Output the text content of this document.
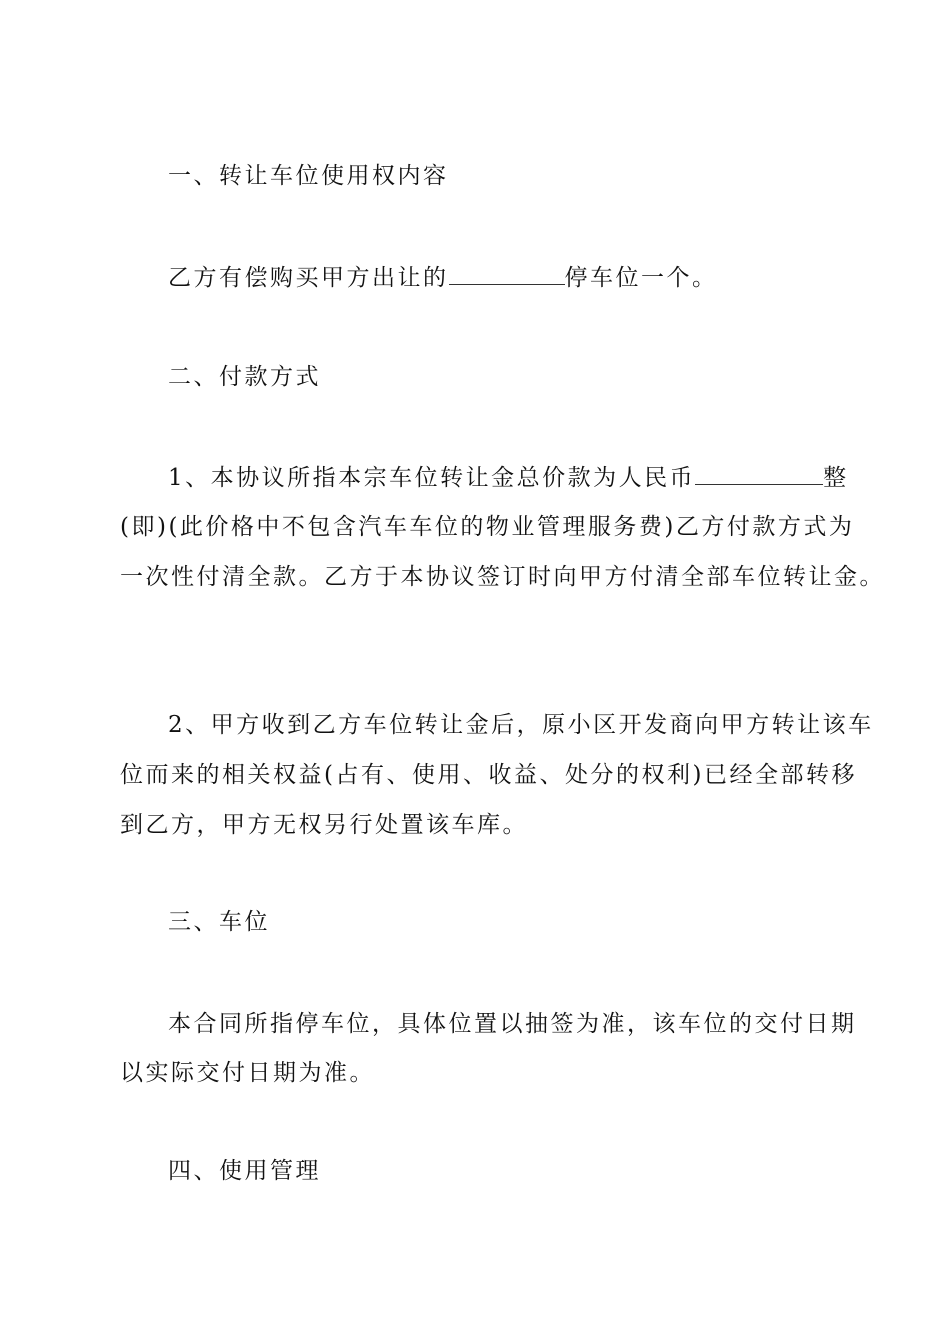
一、转让车位使用权内容
乙方有偿购买甲方出让的	停车位一个。
二、付款方式
1、本协议所指本宗车位转让金总价款为人民币	整
(即)(此价格中不包含汽车车位的物业管理服务费)乙方付款方式为
一次性付清全款。乙方于本协议签订时向甲方付清全部车位转让金。
2、甲方收到乙方车位转让金后，原小区开发商向甲方转让该车
位而来的相关权益(占有、使用、收益、处分的权利)已经全部转移
到乙方，甲方无权另行处置该车库。
三、车位
本合同所指停车位，具体位置以抽签为准，该车位的交付日期
以实际交付日期为准。
四、使用管理
